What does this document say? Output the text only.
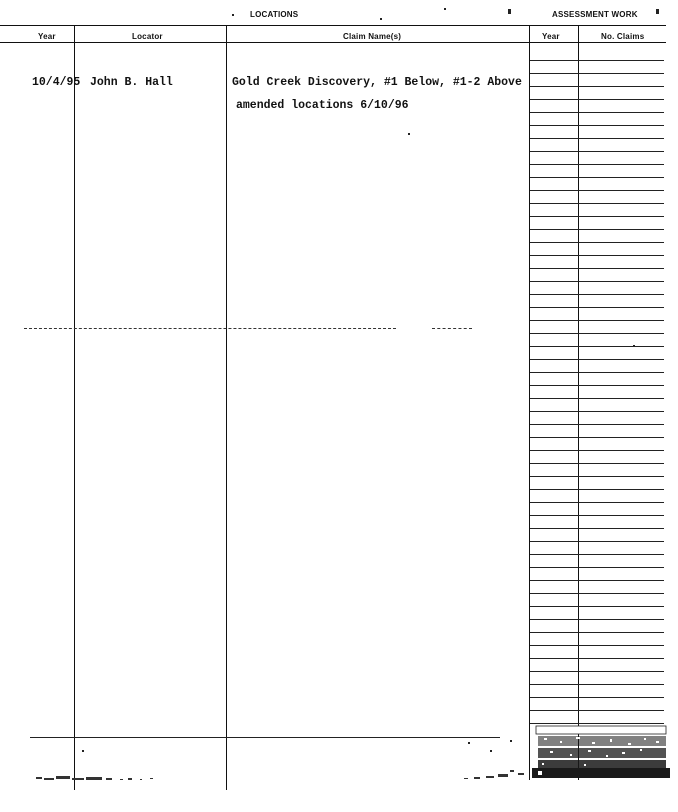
LOCATIONS	ASSESSMENT WORK
Year	Locator	Claim Name(s)	Year	No. Claims
10/4/95 John B. Hall	Gold Creek Discovery, #1 Below, #1-2 Above
amended locations 6/10/96
